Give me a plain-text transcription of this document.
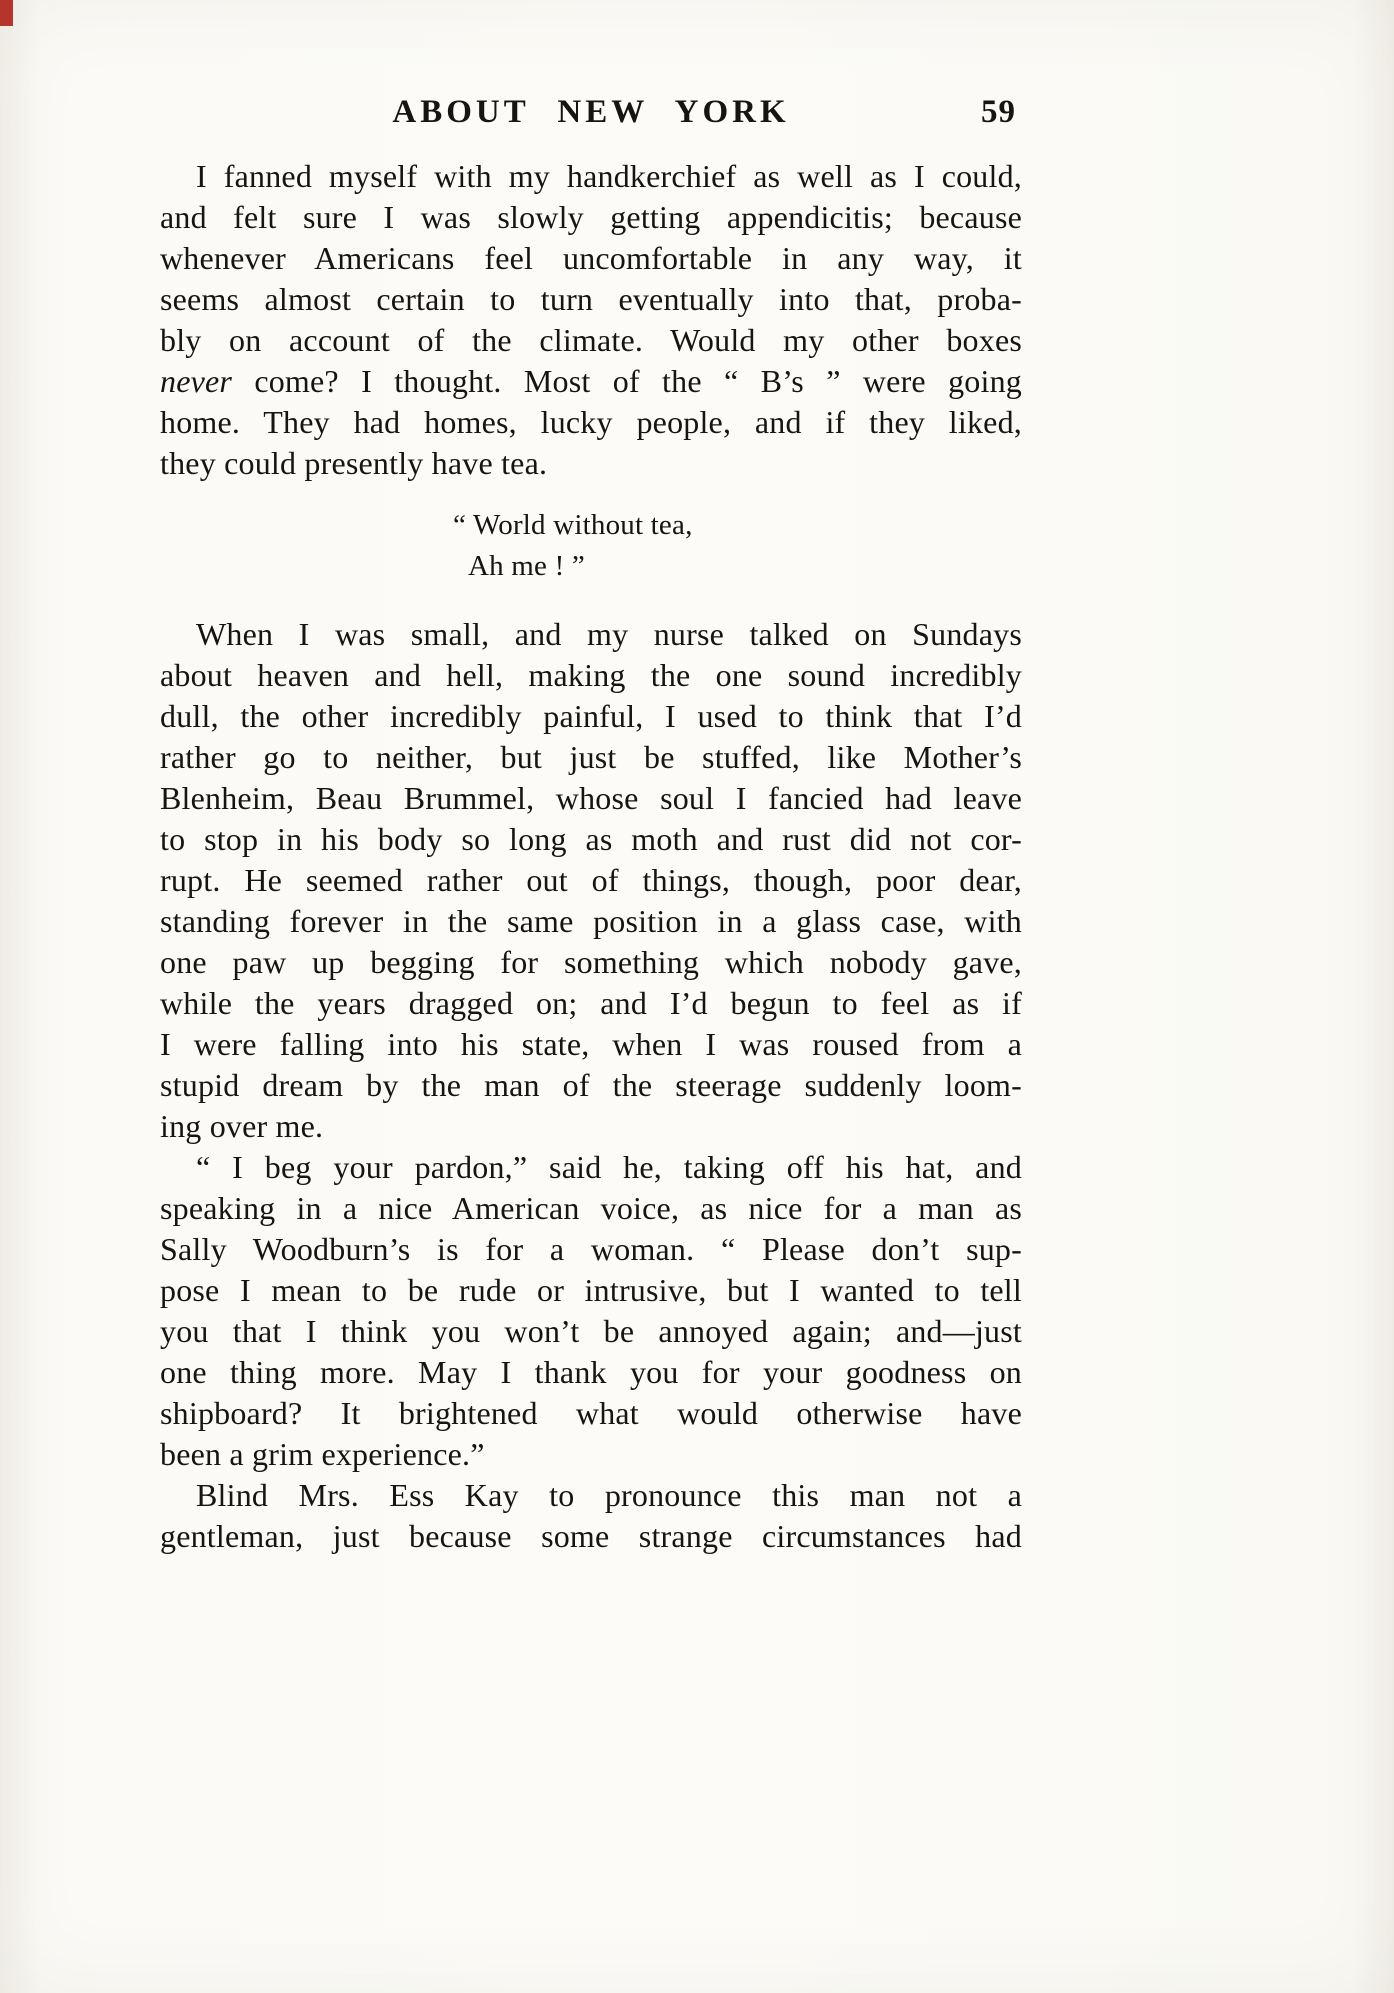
ABOUT NEW YORK	59
I fanned myself with my handkerchief as well as I could,
and felt sure I was slowly getting appendicitis; because
whenever Americans feel uncomfortable in any way, it
seems almost certain to turn eventually into that, proba-
bly on account of the climate. Would my other boxes
never come? I thought. Most of the “ B’s ” were going
home. They had homes, lucky people, and if they liked,
they could presently have tea.
“ World without tea,
Ah me ! ”
When I was small, and my nurse talked on Sundays
about heaven and hell, making the one sound incredibly
dull, the other incredibly painful, I used to think that I’d
rather go to neither, but just be stuffed, like Mother’s
Blenheim, Beau Brummel, whose soul I fancied had leave
to stop in his body so long as moth and rust did not cor-
rupt. He seemed rather out of things, though, poor dear,
standing forever in the same position in a glass case, with
one paw up begging for something which nobody gave,
while the years dragged on; and I’d begun to feel as if
I were falling into his state, when I was roused from a
stupid dream by the man of the steerage suddenly loom-
ing over me.
“ I beg your pardon,” said he, taking off his hat, and
speaking in a nice American voice, as nice for a man as
Sally Woodburn’s is for a woman. “ Please don’t sup-
pose I mean to be rude or intrusive, but I wanted to tell
you that I think you won’t be annoyed again; and—just
one thing more. May I thank you for your goodness on
shipboard? It brightened what would otherwise have
been a grim experience.”
Blind Mrs. Ess Kay to pronounce this man not a
gentleman, just because some strange circumstances had
